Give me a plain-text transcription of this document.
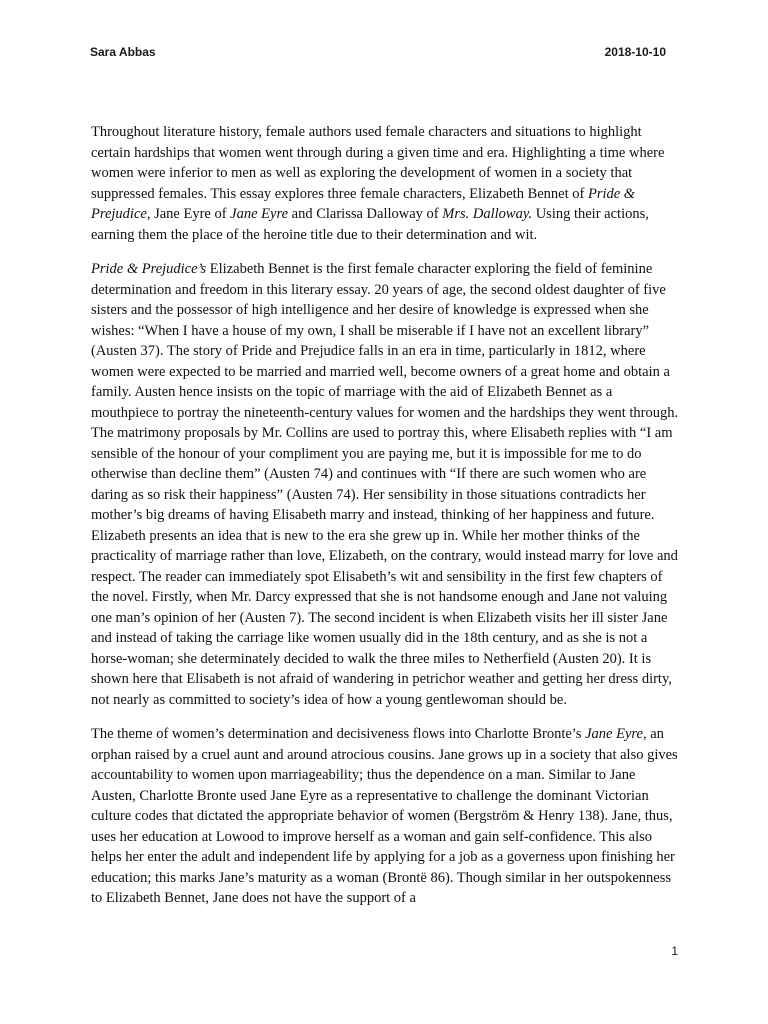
Sara Abbas	2018-10-10

Throughout literature history, female authors used female characters and situations to highlight certain hardships that women went through during a given time and era. Highlighting a time where women were inferior to men as well as exploring the development of women in a society that suppressed females. This essay explores three female characters, Elizabeth Bennet of Pride & Prejudice, Jane Eyre of Jane Eyre and Clarissa Dalloway of Mrs. Dalloway. Using their actions, earning them the place of the heroine title due to their determination and wit.

Pride & Prejudice’s Elizabeth Bennet is the first female character exploring the field of feminine determination and freedom in this literary essay. 20 years of age, the second oldest daughter of five sisters and the possessor of high intelligence and her desire of knowledge is expressed when she wishes: “When I have a house of my own, I shall be miserable if I have not an excellent library” (Austen 37). The story of Pride and Prejudice falls in an era in time, particularly in 1812, where women were expected to be married and married well, become owners of a great home and obtain a family. Austen hence insists on the topic of marriage with the aid of Elizabeth Bennet as a mouthpiece to portray the nineteenth-century values for women and the hardships they went through. The matrimony proposals by Mr. Collins are used to portray this, where Elisabeth replies with “I am sensible of the honour of your compliment you are paying me, but it is impossible for me to do otherwise than decline them” (Austen 74) and continues with “If there are such women who are daring as so risk their happiness” (Austen 74). Her sensibility in those situations contradicts her mother’s big dreams of having Elisabeth marry and instead, thinking of her happiness and future. Elizabeth presents an idea that is new to the era she grew up in. While her mother thinks of the practicality of marriage rather than love, Elizabeth, on the contrary, would instead marry for love and respect. The reader can immediately spot Elisabeth’s wit and sensibility in the first few chapters of the novel. Firstly, when Mr. Darcy expressed that she is not handsome enough and Jane not valuing one man’s opinion of her (Austen 7). The second incident is when Elizabeth visits her ill sister Jane and instead of taking the carriage like women usually did in the 18th century, and as she is not a horse-woman; she determinately decided to walk the three miles to Netherfield (Austen 20). It is shown here that Elisabeth is not afraid of wandering in petrichor weather and getting her dress dirty, not nearly as committed to society’s idea of how a young gentlewoman should be.

The theme of women’s determination and decisiveness flows into Charlotte Bronte’s Jane Eyre, an orphan raised by a cruel aunt and around atrocious cousins. Jane grows up in a society that also gives accountability to women upon marriageability; thus the dependence on a man. Similar to Jane Austen, Charlotte Bronte used Jane Eyre as a representative to challenge the dominant Victorian culture codes that dictated the appropriate behavior of women (Bergström & Henry 138). Jane, thus, uses her education at Lowood to improve herself as a woman and gain self-confidence. This also helps her enter the adult and independent life by applying for a job as a governess upon finishing her education; this marks Jane’s maturity as a woman (Brontë 86). Though similar in her outspokenness to Elizabeth Bennet, Jane does not have the support of a

1
